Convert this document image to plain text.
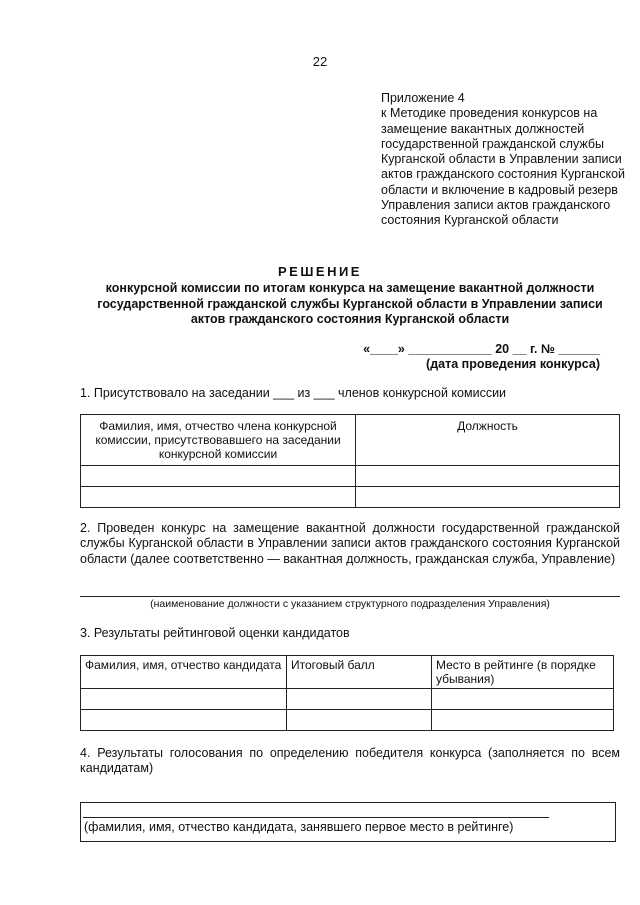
22
Приложение 4
к Методике проведения конкурсов на замещение вакантных должностей государственной гражданской службы Курганской области в Управлении записи актов гражданского состояния Курганской области и включение в кадровый резерв Управления записи актов гражданского состояния Курганской области
РЕШЕНИЕ
конкурсной комиссии по итогам конкурса на замещение вакантной должности государственной гражданской службы Курганской области в Управлении записи актов гражданского состояния Курганской области
«____» ____________ 20 __ г. № ______
(дата проведения конкурса)
1. Присутствовало на заседании ___ из ___ членов конкурсной комиссии
Фамилия, имя, отчество члена конкурсной комиссии, присутствовавшего на заседании конкурсной комиссии	Должность

2. Проведен конкурс на замещение вакантной должности государственной гражданской службы Курганской области в Управлении записи актов гражданского состояния Курганской области (далее соответственно — вакантная должность, гражданская служба, Управление)
(наименование должности с указанием структурного подразделения Управления)
3. Результаты рейтинговой оценки кандидатов
Фамилия, имя, отчество кандидата	Итоговый балл	Место в рейтинге (в порядке убывания)

4. Результаты голосования по определению победителя конкурса (заполняется по всем кандидатам)
(фамилия, имя, отчество кандидата, занявшего первое место в рейтинге)
